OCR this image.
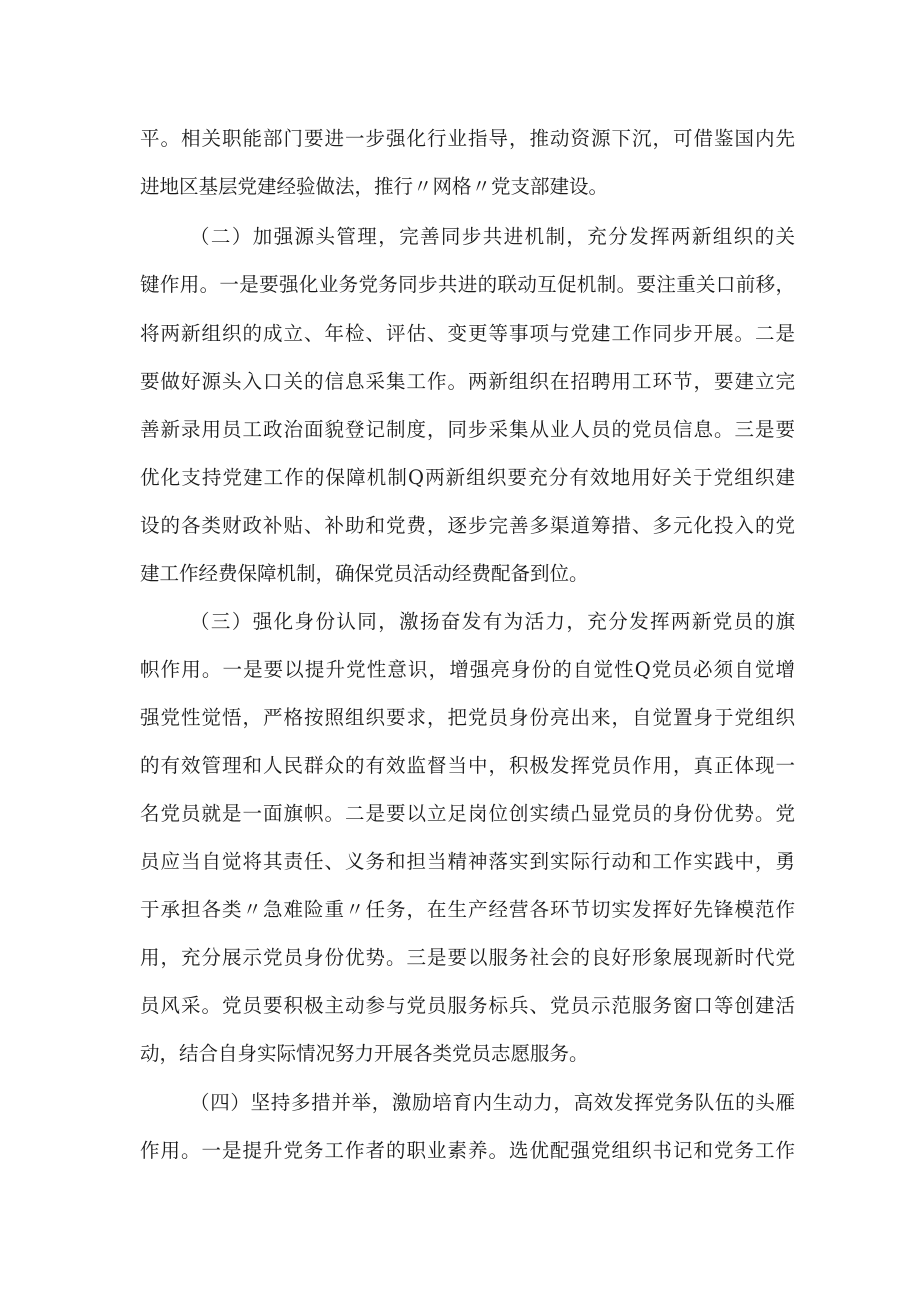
平。相关职能部门要进一步强化行业指导，推动资源下沉，可借鉴国内先
进地区基层党建经验做法，推行〃网格〃党支部建设。
（二）加强源头管理，完善同步共进机制，充分发挥两新组织的关
键作用。一是要强化业务党务同步共进的联动互促机制。要注重关口前移，
将两新组织的成立、年检、评估、变更等事项与党建工作同步开展。二是
要做好源头入口关的信息采集工作。两新组织在招聘用工环节，要建立完
善新录用员工政治面貌登记制度，同步采集从业人员的党员信息。三是要
优化支持党建工作的保障机制Q两新组织要充分有效地用好关于党组织建
设的各类财政补贴、补助和党费，逐步完善多渠道筹措、多元化投入的党
建工作经费保障机制，确保党员活动经费配备到位。
（三）强化身份认同，激扬奋发有为活力，充分发挥两新党员的旗
帜作用。一是要以提升党性意识，增强亮身份的自觉性Q党员必须自觉增
强党性觉悟，严格按照组织要求，把党员身份亮出来，自觉置身于党组织
的有效管理和人民群众的有效监督当中，积极发挥党员作用，真正体现一
名党员就是一面旗帜。二是要以立足岗位创实绩凸显党员的身份优势。党
员应当自觉将其责任、义务和担当精神落实到实际行动和工作实践中，勇
于承担各类〃急难险重〃任务，在生产经营各环节切实发挥好先锋模范作
用，充分展示党员身份优势。三是要以服务社会的良好形象展现新时代党
员风采。党员要积极主动参与党员服务标兵、党员示范服务窗口等创建活
动，结合自身实际情况努力开展各类党员志愿服务。
（四）坚持多措并举，激励培育内生动力，高效发挥党务队伍的头雁
作用。一是提升党务工作者的职业素养。选优配强党组织书记和党务工作
